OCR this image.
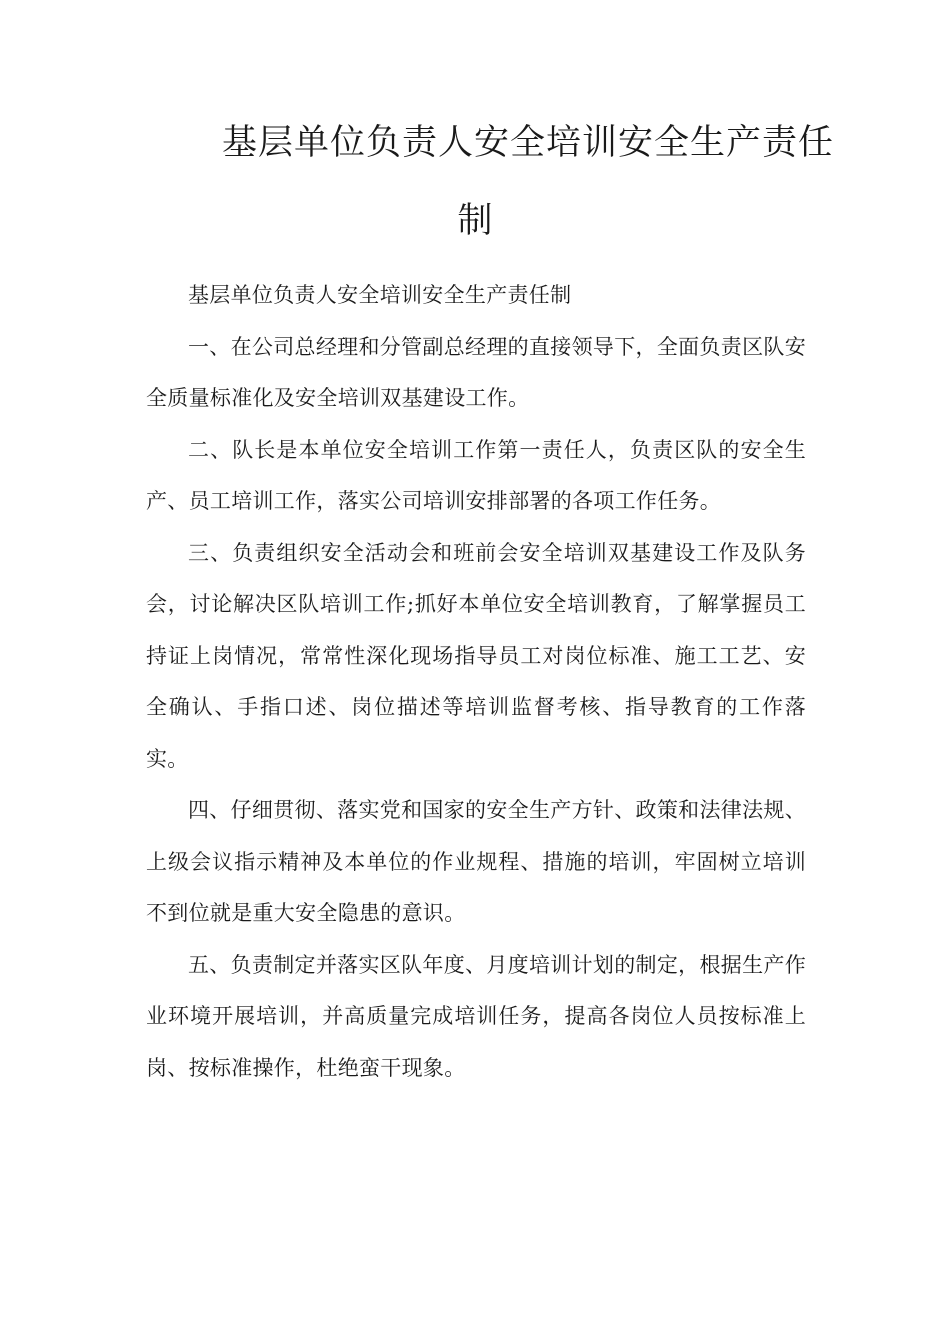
基层单位负责人安全培训安全生产责任
制

基层单位负责人安全培训安全生产责任制

一、在公司总经理和分管副总经理的直接领导下，全面负责区队安全质量标准化及安全培训双基建设工作。

二、队长是本单位安全培训工作第一责任人，负责区队的安全生产、员工培训工作，落实公司培训安排部署的各项工作任务。

三、负责组织安全活动会和班前会安全培训双基建设工作及队务会，讨论解决区队培训工作;抓好本单位安全培训教育，了解掌握员工持证上岗情况，常常性深化现场指导员工对岗位标准、施工工艺、安全确认、手指口述、岗位描述等培训监督考核、指导教育的工作落实。

四、仔细贯彻、落实党和国家的安全生产方针、政策和法律法规、上级会议指示精神及本单位的作业规程、措施的培训，牢固树立培训不到位就是重大安全隐患的意识。

五、负责制定并落实区队年度、月度培训计划的制定，根据生产作业环境开展培训，并高质量完成培训任务，提高各岗位人员按标准上岗、按标准操作，杜绝蛮干现象。
